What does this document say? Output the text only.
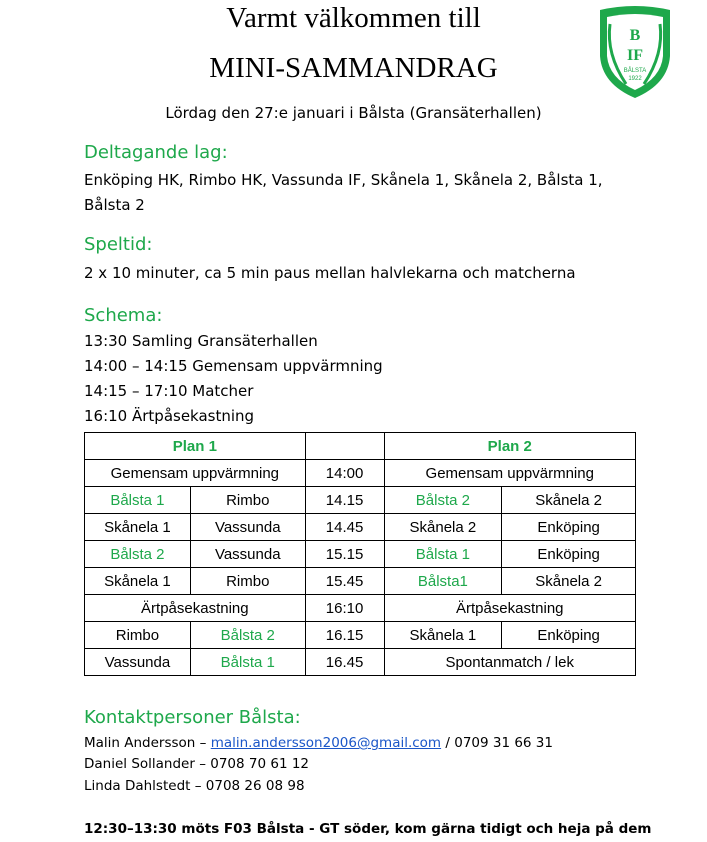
Varmt välkommen till
MINI-SAMMANDRAG
Lördag den 27:e januari i Bålsta (Gransäterhallen)
B
IF
BÅLSTA
1922
Deltagande lag:
Enköping HK, Rimbo HK, Vassunda IF, Skånela 1, Skånela 2, Bålsta 1, Bålsta 2
Speltid:
2 x 10 minuter, ca 5 min paus mellan halvlekarna och matcherna
Schema:
13:30 Samling Gransäterhallen
14:00 – 14:15 Gemensam uppvärmning
14:15 – 17:10 Matcher
16:10 Ärtpåsekastning
Plan 1			Plan 2	
Gemensam uppvärmning		14:00	Gemensam uppvärmning	
Bålsta 1	Rimbo	14.15	Bålsta 2	Skånela 2
Skånela 1	Vassunda	14.45	Skånela 2	Enköping
Bålsta 2	Vassunda	15.15	Bålsta 1	Enköping
Skånela 1	Rimbo	15.45	Bålsta1	Skånela 2
Ärtpåsekastning		16:10	Ärtpåsekastning	
Rimbo	Bålsta 2	16.15	Skånela 1	Enköping
Vassunda	Bålsta 1	16.45	Spontanmatch / lek	
Kontaktpersoner Bålsta:
Malin Andersson – malin.andersson2006@gmail.com / 0709 31 66 31
Daniel Sollander – 0708 70 61 12
Linda Dahlstedt – 0708 26 08 98
12:30–13:30 möts F03 Bålsta - GT söder, kom gärna tidigt och heja på dem
